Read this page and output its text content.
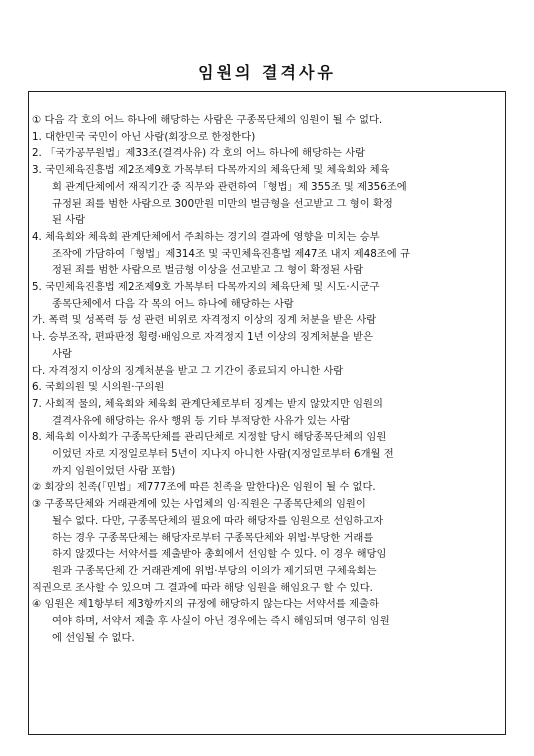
임원의 결격사유

① 다음 각 호의 어느 하나에 해당하는 사람은 구종목단체의 임원이 될 수 없다.

1. 대한민국 국민이 아닌 사람(회장으로 한정한다)

2. 「국가공무원법」제33조(결격사유) 각 호의 어느 하나에 해당하는 사람

3. 국민체육진흥법 제2조제9호 가목부터 다목까지의 체육단체 및 체육회와 체육

회 관계단체에서 재직기간 중 직무와 관련하여「형법」제 355조 및 제356조에

규정된 죄를 범한 사람으로 300만원 미만의 벌금형을 선고받고 그 형이 확정

된 사람

4. 체육회와 체육회 관계단체에서 주최하는 경기의 결과에 영향을 미치는 승부

조작에 가담하여「형법」제314조 및 국민체육진흥법 제47조 내지 제48조에 규

정된 죄를 범한 사람으로 벌금형 이상을 선고받고 그 형이 확정된 사람

5. 국민체육진흥법 제2조제9호 가목부터 다목까지의 체육단체 및 시도·시군구

종목단체에서 다음 각 목의 어느 하나에 해당하는 사람

가. 폭력 및 성폭력 등 성 관련 비위로 자격정지 이상의 징계 처분을 받은 사람

나. 승부조작, 편파판정 횡령·배임으로 자격정지 1년 이상의 징계처분을 받은

사람

다. 자격정지 이상의 징계처분을 받고 그 기간이 종료되지 아니한 사람

6. 국회의원 및 시의원·구의원

7. 사회적 물의, 체육회와 체육회 관계단체로부터 징계는 받지 않았지만 임원의

결격사유에 해당하는 유사 행위 등 기타 부적당한 사유가 있는 사람

8. 체육회 이사회가 구종목단체를 관리단체로 지정할 당시 해당종목단체의 임원

이었던 자로 지정일로부터 5년이 지나지 아니한 사람(지정일로부터 6개월 전

까지 임원이었던 사람 포함)

② 회장의 친족(「민법」제777조에 따른 친족을 말한다)은 임원이 될 수 없다.

③ 구종목단체와 거래관계에 있는 사업체의 임·직원은 구종목단체의 임원이

될수 없다. 다만, 구종목단체의 필요에 따라 해당자를 임원으로 선임하고자

하는 경우 구종목단체는 해당자로부터 구종목단체와 위법·부당한 거래를

하지 않겠다는 서약서를 제출받아 총회에서 선임할 수 있다. 이 경우 해당임

원과 구종목단체 간 거래관계에 위법·부당의 이의가 제기되면 구체육회는

직권으로 조사할 수 있으며 그 결과에 따라 해당 임원을 해임요구 할 수 있다.

④ 임원은 제1항부터 제3항까지의 규정에 해당하지 않는다는 서약서를 제출하

여야 하며, 서약서 제출 후 사실이 아닌 경우에는 즉시 해임되며 영구히 임원

에 선임될 수 없다.
